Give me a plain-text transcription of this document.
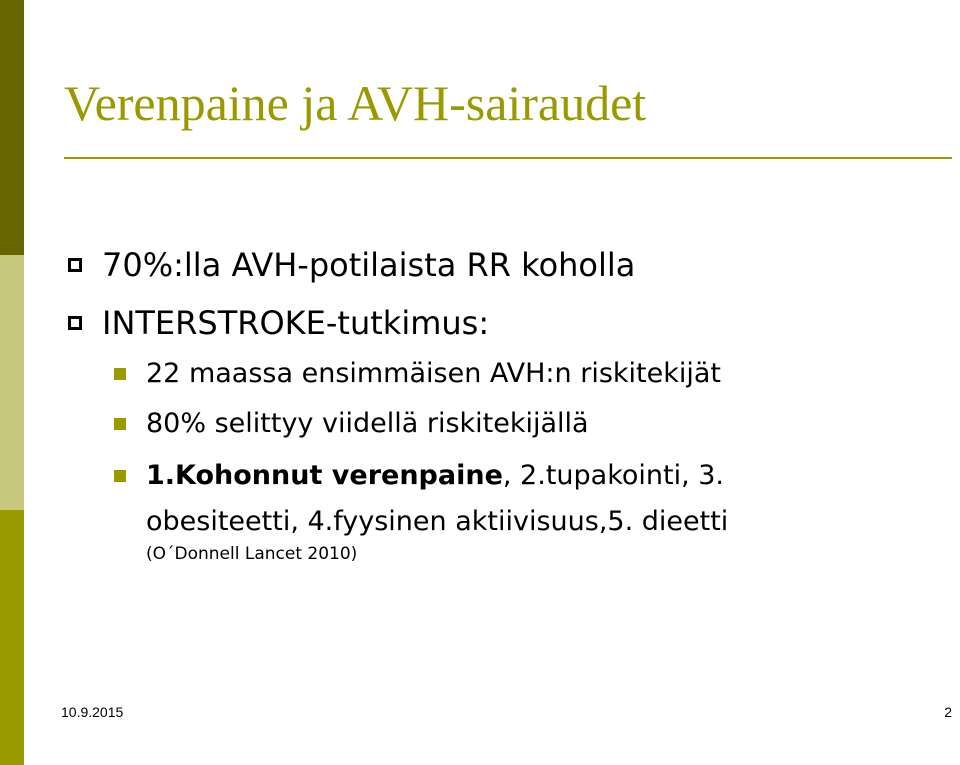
Verenpaine ja AVH-sairaudet
70%:lla AVH-potilaista RR koholla
INTERSTROKE-tutkimus:
22 maassa ensimmäisen AVH:n riskitekijät
80% selittyy viidellä riskitekijällä
1.Kohonnut verenpaine, 2.tupakointi, 3.
obesiteetti, 4.fyysinen aktiivisuus,5. dieetti
(O´Donnell Lancet 2010)
10.9.2015	2
